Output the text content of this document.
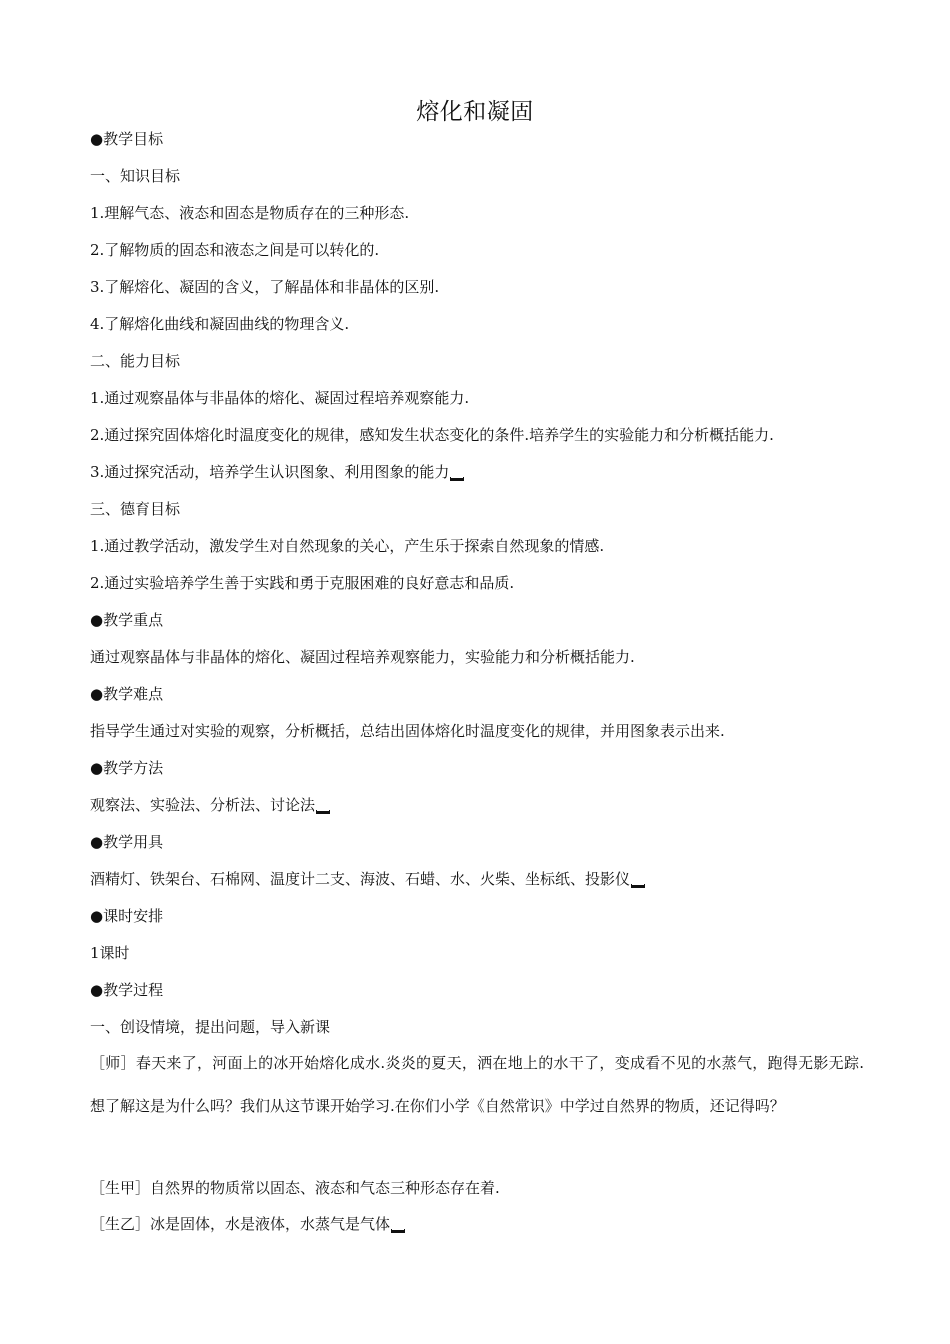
熔化和凝固
●教学目标
一、知识目标
1.理解气态、液态和固态是物质存在的三种形态.
2.了解物质的固态和液态之间是可以转化的.
3.了解熔化、凝固的含义，了解晶体和非晶体的区别.
4.了解熔化曲线和凝固曲线的物理含义.
二、能力目标
1.通过观察晶体与非晶体的熔化、凝固过程培养观察能力.
2.通过探究固体熔化时温度变化的规律，感知发生状态变化的条件.培养学生的实验能力和分析概括能力.
3.通过探究活动，培养学生认识图象、利用图象的能力
三、德育目标
1.通过教学活动，激发学生对自然现象的关心，产生乐于探索自然现象的情感.
2.通过实验培养学生善于实践和勇于克服困难的良好意志和品质.
●教学重点
通过观察晶体与非晶体的熔化、凝固过程培养观察能力，实验能力和分析概括能力.
●教学难点
指导学生通过对实验的观察，分析概括，总结出固体熔化时温度变化的规律，并用图象表示出来.
●教学方法
观察法、实验法、分析法、讨论法
●教学用具
酒精灯、铁架台、石棉网、温度计二支、海波、石蜡、水、火柴、坐标纸、投影仪
●课时安排
1课时
●教学过程
一、创设情境，提出问题，导入新课
［师］春天来了，河面上的冰开始熔化成水.炎炎的夏天，洒在地上的水干了，变成看不见的水蒸气，跑得无影无踪.想了解这是为什么吗？我们从这节课开始学习.在你们小学《自然常识》中学过自然界的物质，还记得吗？
［生甲］自然界的物质常以固态、液态和气态三种形态存在着.
［生乙］冰是固体，水是液体，水蒸气是气体
